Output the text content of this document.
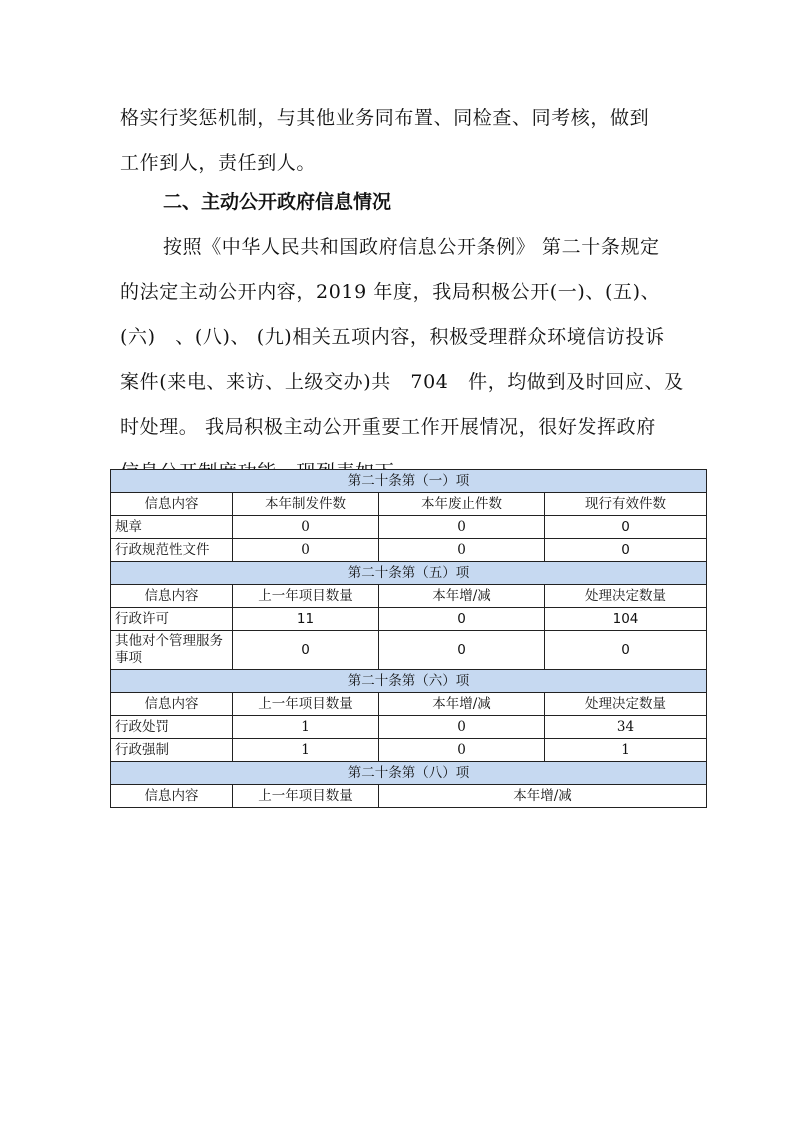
格实行奖惩机制，与其他业务同布置、同检查、同考核，做到
工作到人，责任到人。

二、主动公开政府信息情况

按照《中华人民共和国政府信息公开条例》 第二十条规定
的法定主动公开内容，2019 年度，我局积极公开(一)、(五)、
(六)　、(八)、 (九)相关五项内容，积极受理群众环境信访投诉
案件(来电、来访、上级交办)共　704　件，均做到及时回应、及
时处理。 我局积极主动公开重要工作开展情况，很好发挥政府

第二十条第（一）项			
信息内容	本年制发件数	本年废止件数	现行有效件数
规章	0	0	0
行政规范性文件	0	0	0
第二十条第（五）项			
信息内容	上一年项目数量	本年增/减	处理决定数量
行政许可	11	0	104
其他对个管理服务事项	0	0	0
第二十条第（六）项			
信息内容	上一年项目数量	本年增/减	处理决定数量
行政处罚	1	0	34
行政强制	1	0	1
第二十条第（八）项			
信息内容	上一年项目数量	本年增/减	
